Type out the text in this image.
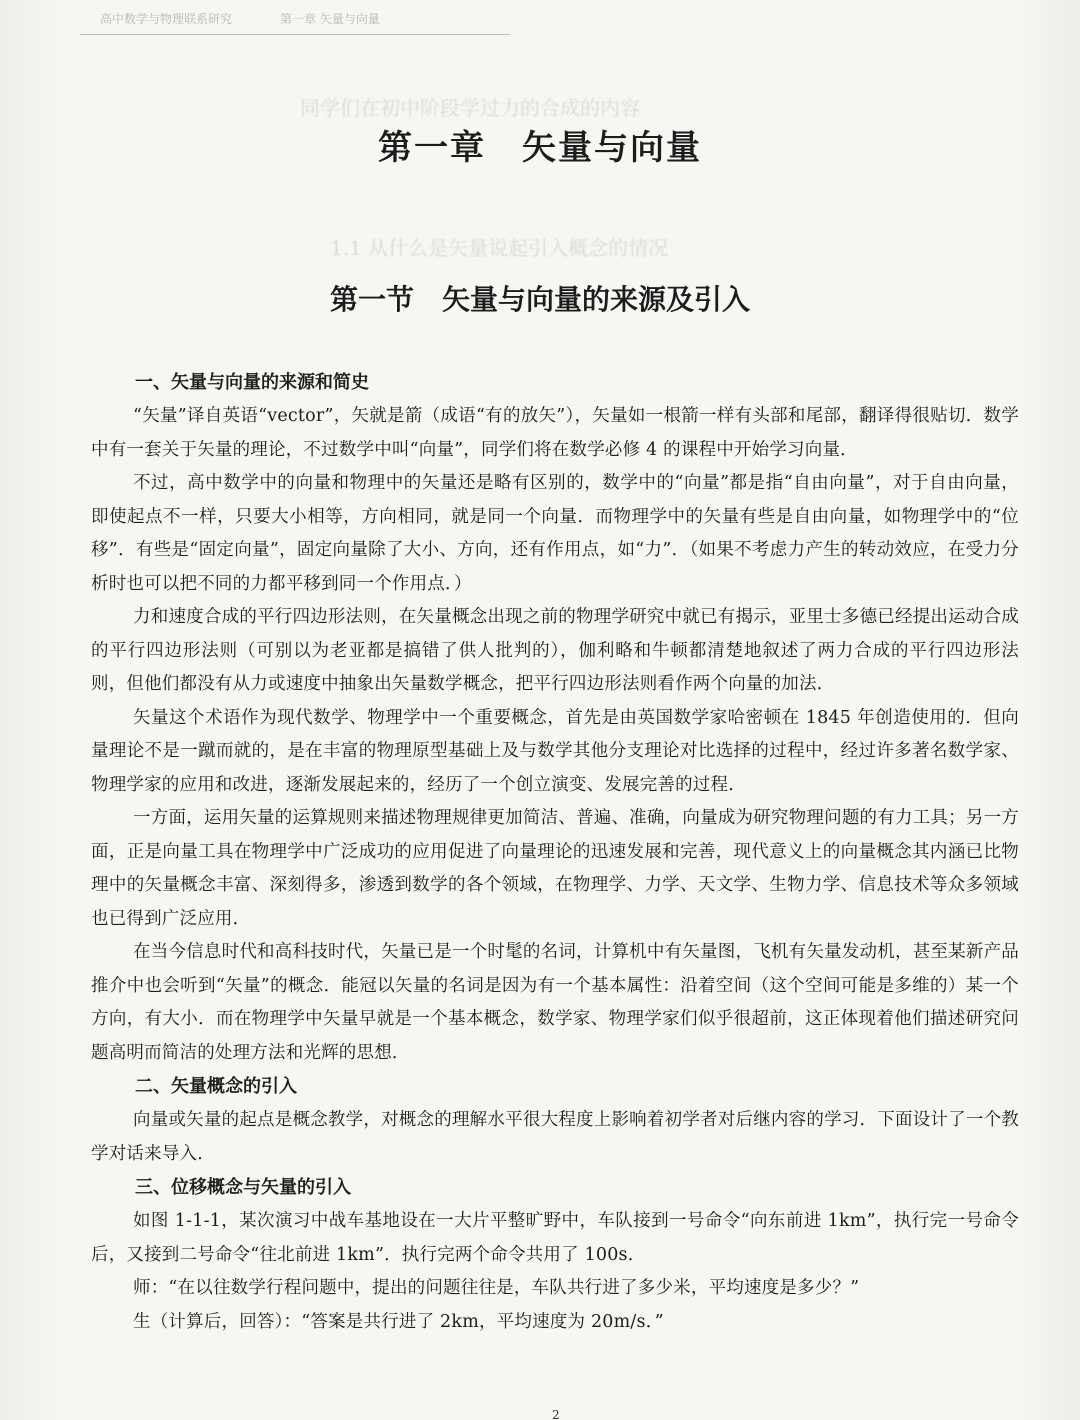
1.1 从什么是矢量说起引入概念的情况
同学们在初中阶段学过力的合成的内容
高中数学与物理联系研究	第一章 矢量与向量
第一章　矢量与向量
第一节　矢量与向量的来源及引入
一、矢量与向量的来源和简史

“矢量”译自英语“vector”，矢就是箭（成语“有的放矢”），矢量如一根箭一样有头部和尾部，翻译得很贴切．数学中有一套关于矢量的理论，不过数学中叫“向量”，同学们将在数学必修 4 的课程中开始学习向量．

不过，高中数学中的向量和物理中的矢量还是略有区别的，数学中的“向量”都是指“自由向量”，对于自由向量，即使起点不一样，只要大小相等，方向相同，就是同一个向量．而物理学中的矢量有些是自由向量，如物理学中的“位移”．有些是“固定向量”，固定向量除了大小、方向，还有作用点，如“力”．（如果不考虑力产生的转动效应，在受力分析时也可以把不同的力都平移到同一个作用点．）

力和速度合成的平行四边形法则，在矢量概念出现之前的物理学研究中就已有揭示，亚里士多德已经提出运动合成的平行四边形法则（可别以为老亚都是搞错了供人批判的），伽利略和牛顿都清楚地叙述了两力合成的平行四边形法则，但他们都没有从力或速度中抽象出矢量数学概念，把平行四边形法则看作两个向量的加法．

矢量这个术语作为现代数学、物理学中一个重要概念，首先是由英国数学家哈密顿在 1845 年创造使用的．但向量理论不是一蹴而就的，是在丰富的物理原型基础上及与数学其他分支理论对比选择的过程中，经过许多著名数学家、物理学家的应用和改进，逐渐发展起来的，经历了一个创立演变、发展完善的过程．

一方面，运用矢量的运算规则来描述物理规律更加简洁、普遍、准确，向量成为研究物理问题的有力工具；另一方面，正是向量工具在物理学中广泛成功的应用促进了向量理论的迅速发展和完善，现代意义上的向量概念其内涵已比物理中的矢量概念丰富、深刻得多，渗透到数学的各个领域，在物理学、力学、天文学、生物力学、信息技术等众多领域也已得到广泛应用．

在当今信息时代和高科技时代，矢量已是一个时髦的名词，计算机中有矢量图，飞机有矢量发动机，甚至某新产品推介中也会听到“矢量”的概念．能冠以矢量的名词是因为有一个基本属性：沿着空间（这个空间可能是多维的）某一个方向，有大小．而在物理学中矢量早就是一个基本概念，数学家、物理学家们似乎很超前，这正体现着他们描述研究问题高明而简洁的处理方法和光辉的思想．

二、矢量概念的引入

向量或矢量的起点是概念教学，对概念的理解水平很大程度上影响着初学者对后继内容的学习．下面设计了一个教学对话来导入．

三、位移概念与矢量的引入

如图 1-1-1，某次演习中战车基地设在一大片平整旷野中，车队接到一号命令“向东前进 1km”，执行完一号命令后，又接到二号命令“往北前进 1km”．执行完两个命令共用了 100s．

师：“在以往数学行程问题中，提出的问题往往是，车队共行进了多少米，平均速度是多少？”

生（计算后，回答）：“答案是共行进了 2km，平均速度为 20m/s．”

2
